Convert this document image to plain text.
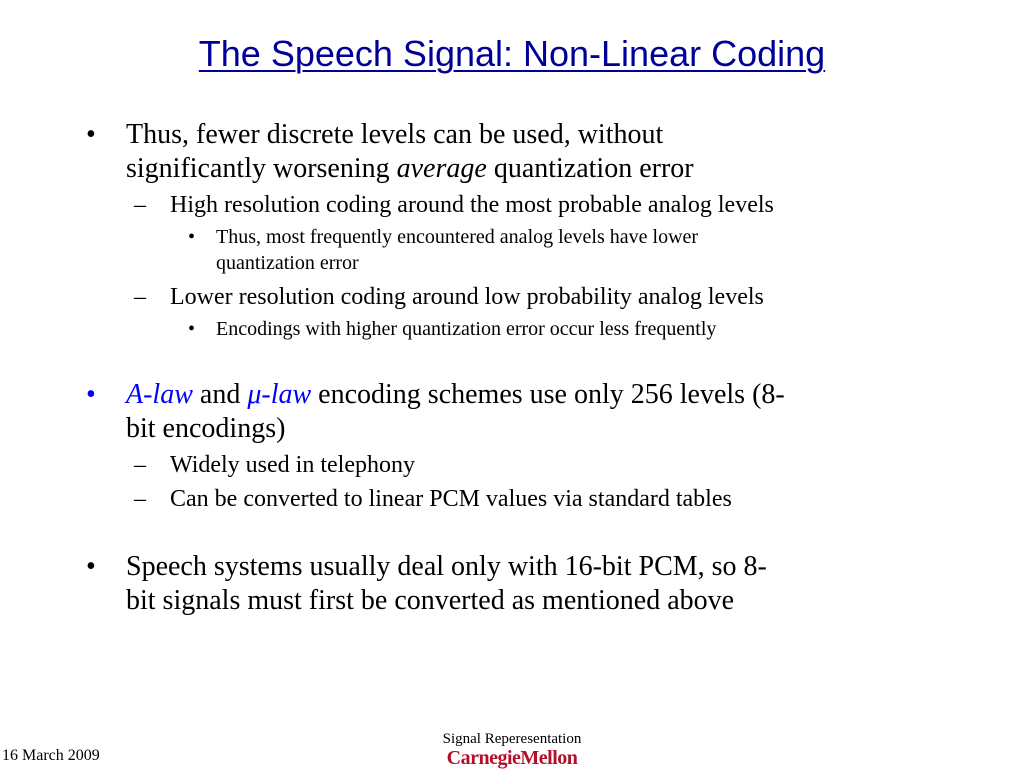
The Speech Signal: Non-Linear Coding
• Thus, fewer discrete levels can be used, without
significantly worsening average quantization error
– High resolution coding around the most probable analog levels
• Thus, most frequently encountered analog levels have lower
quantization error
– Lower resolution coding around low probability analog levels
• Encodings with higher quantization error occur less frequently
• A-law and μ-law encoding schemes use only 256 levels (8-
bit encodings)
– Widely used in telephony
– Can be converted to linear PCM values via standard tables
• Speech systems usually deal only with 16-bit PCM, so 8-
bit signals must first be converted as mentioned above
16 March 2009
Signal Reperesentation
CarnegieMellon
